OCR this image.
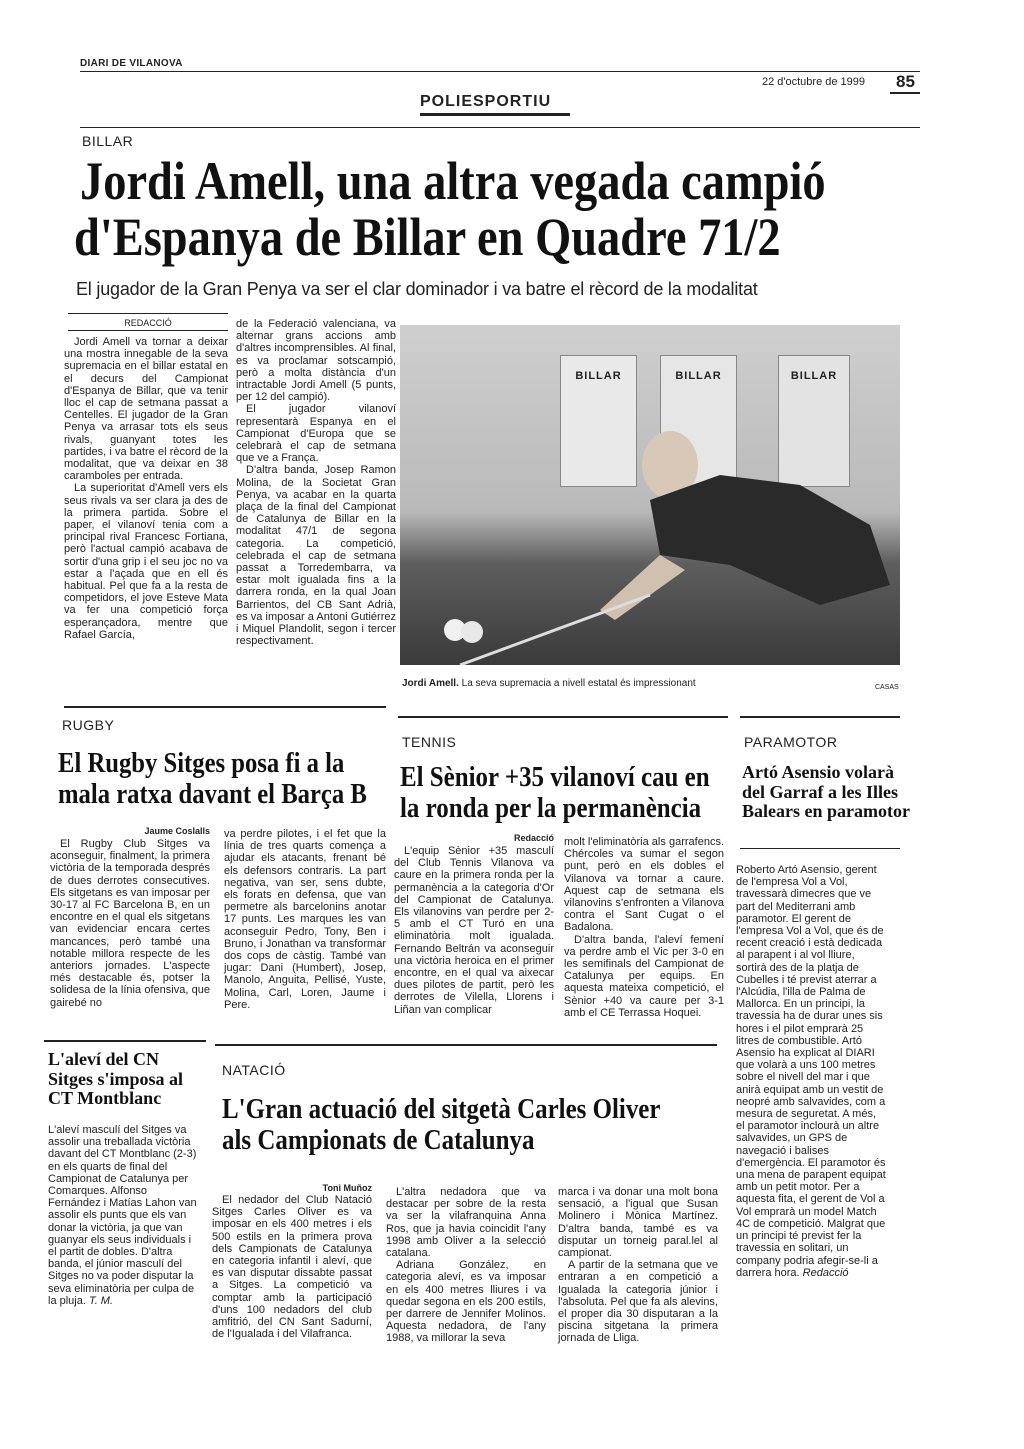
DIARI DE VILANOVA
22 d'octubre de 1999 85
POLIESPORTIU
BILLAR
Jordi Amell, una altra vegada campió
d'Espanya de Billar en Quadre 71/2
El jugador de la Gran Penya va ser el clar dominador i va batre el rècord de la modalitat
REDACCIÓ

Jordi Amell va tornar a deixar una mostra innegable de la seva supremacia en el billar estatal en el decurs del Campionat d'Espanya de Billar, que va tenir lloc el cap de setmana passat a Centelles. El jugador de la Gran Penya va arrasar tots els seus rivals, guanyant totes les partides, i va batre el rècord de la modalitat, que va deixar en 38 caramboles per entrada.

La superioritat d'Amell vers els seus rivals va ser clara ja des de la primera partida. Sobre el paper, el vilanoví tenia com a principal rival Francesc Fortiana, però l'actual campió acabava de sortir d'una grip i el seu joc no va estar a l'açada que en ell és habitual. Pel que fa a la resta de competidors, el jove Esteve Mata va fer una competició força esperançadora, mentre que Rafael García,

de la Federació valenciana, va alternar grans accions amb d'altres incomprensibles. Al final, es va proclamar sotscampió, però a molta distància d'un intractable Jordi Amell (5 punts, per 12 del campió).

El jugador vilanoví representarà Espanya en el Campionat d'Europa que se celebrarà el cap de setmana que ve a França.

D'altra banda, Josep Ramon Molina, de la Societat Gran Penya, va acabar en la quarta plaça de la final del Campionat de Catalunya de Billar en la modalitat 47/1 de segona categoria. La competició, celebrada el cap de setmana passat a Torredembarra, va estar molt igualada fins a la darrera ronda, en la qual Joan Barrientos, del CB Sant Adrià, es va imposar a Antoni Gutiérrez i Miquel Plandolit, segon i tercer respectivament.

BILLAR	BILLAR	BILLAR
Jordi Amell. La seva supremacia a nivell estatal és impressionant	CASAS
RUGBY
El Rugby Sitges posa fi a la mala ratxa davant el Barça B
Jaume Coslalls
El Rugby Club Sitges va aconseguir, finalment, la primera victòria de la temporada després de dues derrotes consecutives. Els sitgetans es van imposar per 30-17 al FC Barcelona B, en un encontre en el qual els sitgetans van evidenciar encara certes mancances, però també una notable millora respecte de les anteriors jornades. L'aspecte més destacable és, potser la solidesa de la línia ofensiva, que gairebé no
va perdre pilotes, i el fet que la línia de tres quarts comença a ajudar els atacants, frenant bé els defensors contraris. La part negativa, van ser, sens dubte, els forats en defensa, que van permetre als barcelonins anotar 17 punts. Les marques les van aconseguir Pedro, Tony, Ben i Bruno, i Jonathan va transformar dos cops de càstig. També van jugar: Dani (Humbert), Josep, Manolo, Anguita, Pellisé, Yuste, Molina, Carl, Loren, Jaume i Pere.
TENNIS
El Sènior +35 vilanoví cau en la ronda per la permanència
Redacció
L'equip Sènior +35 masculí del Club Tennis Vilanova va caure en la primera ronda per la permanència a la categoria d'Or del Campionat de Catalunya. Els vilanovins van perdre per 2-5 amb el CT Turó en una eliminatòria molt igualada. Fernando Beltrán va aconseguir una victòria heroica en el primer encontre, en el qual va aixecar dues pilotes de partit, però les derrotes de Vilella, Llorens i Liñan van complicar

molt l'eliminatòria als garrafencs. Chércoles va sumar el segon punt, però en els dobles el Vilanova va tornar a caure. Aquest cap de setmana els vilanovins s'enfronten a Vilanova contra el Sant Cugat o el Badalona.

D'altra banda, l'aleví femení va perdre amb el Vic per 3-0 en les semifinals del Campionat de Catalunya per equips. En aquesta mateixa competició, el Sènior +40 va caure per 3-1 amb el CE Terrassa Hoquei.

PARAMOTOR
Artó Asensio volarà del Garraf a les Illes Balears en paramotor
Roberto Artó Asensio, gerent de l'empresa Vol a Vol, travessarà dimecres que ve part del Mediterrani amb paramotor. El gerent de l'empresa Vol a Vol, que és de recent creació i està dedicada al parapent i al vol lliure, sortirà des de la platja de Cubelles i té previst aterrar a l'Alcúdia, l'illa de Palma de Mallorca. En un principi, la travessia ha de durar unes sis hores i el pilot emprarà 25 litres de combustible. Artó Asensio ha explicat al DIARI que volarà a uns 100 metres sobre el nivell del mar i que anirà equipat amb un vestit de neopré amb salvavides, com a mesura de seguretat. A més, el paramotor inclourà un altre salvavides, un GPS de navegació i balises d'emergència. El paramotor és una mena de parapent equipat amb un petit motor. Per a aquesta fita, el gerent de Vol a Vol emprarà un model Match 4C de competició. Malgrat que un principi té previst fer la travessia en solitari, un company podria afegir-se-li a darrera hora. Redacció
L'aleví del CN Sitges s'imposa al CT Montblanc
L'aleví masculí del Sitges va assolir una treballada victòria davant del CT Montblanc (2-3) en els quarts de final del Campionat de Catalunya per Comarques. Alfonso Fernández i Matías Lahon van assolir els punts que els van donar la victòria, ja que van guanyar els seus individuals i el partit de dobles. D'altra banda, el júnior masculí del Sitges no va poder disputar la seva eliminatòria per culpa de la pluja. T. M.
NATACIÓ
L'Gran actuació del sitgetà Carles Oliver als Campionats de Catalunya
Toni Muñoz
El nedador del Club Natació Sitges Carles Oliver es va imposar en els 400 metres i els 500 estils en la primera prova dels Campionats de Catalunya en categoria infantil i aleví, que es van disputar dissabte passat a Sitges. La competició va comptar amb la participació d'uns 100 nedadors del club amfitrió, del CN Sant Sadurní, de l'Igualada i del Vilafranca.

L'altra nedadora que va destacar per sobre de la resta va ser la vilafranquina Anna Ros, que ja havia coincidit l'any 1998 amb Oliver a la selecció catalana.

Adriana González, en categoria aleví, es va imposar en els 400 metres lliures i va quedar segona en els 200 estils, per darrere de Jennifer Molinos. Aquesta nedadora, de l'any 1988, va millorar la seva

marca i va donar una molt bona sensació, a l'igual que Susan Molinero i Mònica Martínez. D'altra banda, també es va disputar un torneig paral.lel al campionat.

A partir de la setmana que ve entraran a en competició a Igualada la categoria júnior i l'absoluta. Pel que fa als alevins, el proper dia 30 disputaran a la piscina sitgetana la primera jornada de Lliga.
